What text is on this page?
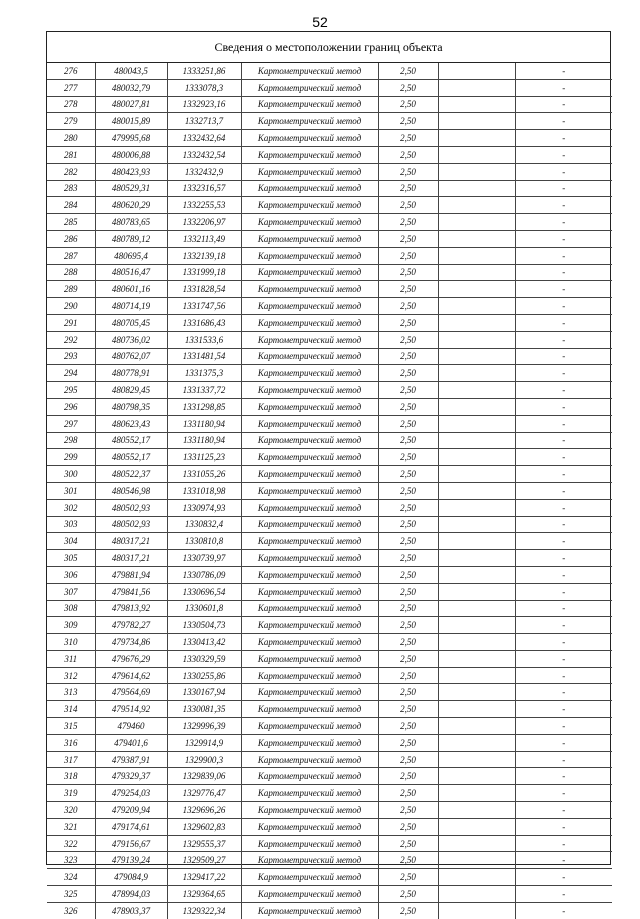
52
Сведения о местоположении границ объекта
276	480043,5	1333251,86	Картометрический метод	2,50		-
277	480032,79	1333078,3	Картометрический метод	2,50		-
278	480027,81	1332923,16	Картометрический метод	2,50		-
279	480015,89	1332713,7	Картометрический метод	2,50		-
280	479995,68	1332432,64	Картометрический метод	2,50		-
281	480006,88	1332432,54	Картометрический метод	2,50		-
282	480423,93	1332432,9	Картометрический метод	2,50		-
283	480529,31	1332316,57	Картометрический метод	2,50		-
284	480620,29	1332255,53	Картометрический метод	2,50		-
285	480783,65	1332206,97	Картометрический метод	2,50		-
286	480789,12	1332113,49	Картометрический метод	2,50		-
287	480695,4	1332139,18	Картометрический метод	2,50		-
288	480516,47	1331999,18	Картометрический метод	2,50		-
289	480601,16	1331828,54	Картометрический метод	2,50		-
290	480714,19	1331747,56	Картометрический метод	2,50		-
291	480705,45	1331686,43	Картометрический метод	2,50		-
292	480736,02	1331533,6	Картометрический метод	2,50		-
293	480762,07	1331481,54	Картометрический метод	2,50		-
294	480778,91	1331375,3	Картометрический метод	2,50		-
295	480829,45	1331337,72	Картометрический метод	2,50		-
296	480798,35	1331298,85	Картометрический метод	2,50		-
297	480623,43	1331180,94	Картометрический метод	2,50		-
298	480552,17	1331180,94	Картометрический метод	2,50		-
299	480552,17	1331125,23	Картометрический метод	2,50		-
300	480522,37	1331055,26	Картометрический метод	2,50		-
301	480546,98	1331018,98	Картометрический метод	2,50		-
302	480502,93	1330974,93	Картометрический метод	2,50		-
303	480502,93	1330832,4	Картометрический метод	2,50		-
304	480317,21	1330810,8	Картометрический метод	2,50		-
305	480317,21	1330739,97	Картометрический метод	2,50		-
306	479881,94	1330786,09	Картометрический метод	2,50		-
307	479841,56	1330696,54	Картометрический метод	2,50		-
308	479813,92	1330601,8	Картометрический метод	2,50		-
309	479782,27	1330504,73	Картометрический метод	2,50		-
310	479734,86	1330413,42	Картометрический метод	2,50		-
311	479676,29	1330329,59	Картометрический метод	2,50		-
312	479614,62	1330255,86	Картометрический метод	2,50		-
313	479564,69	1330167,94	Картометрический метод	2,50		-
314	479514,92	1330081,35	Картометрический метод	2,50		-
315	479460	1329996,39	Картометрический метод	2,50		-
316	479401,6	1329914,9	Картометрический метод	2,50		-
317	479387,91	1329900,3	Картометрический метод	2,50		-
318	479329,37	1329839,06	Картометрический метод	2,50		-
319	479254,03	1329776,47	Картометрический метод	2,50		-
320	479209,94	1329696,26	Картометрический метод	2,50		-
321	479174,61	1329602,83	Картометрический метод	2,50		-
322	479156,67	1329555,37	Картометрический метод	2,50		-
323	479139,24	1329509,27	Картометрический метод	2,50		-
324	479084,9	1329417,22	Картометрический метод	2,50		-
325	478994,03	1329364,65	Картометрический метод	2,50		-
326	478903,37	1329322,34	Картометрический метод	2,50		-
